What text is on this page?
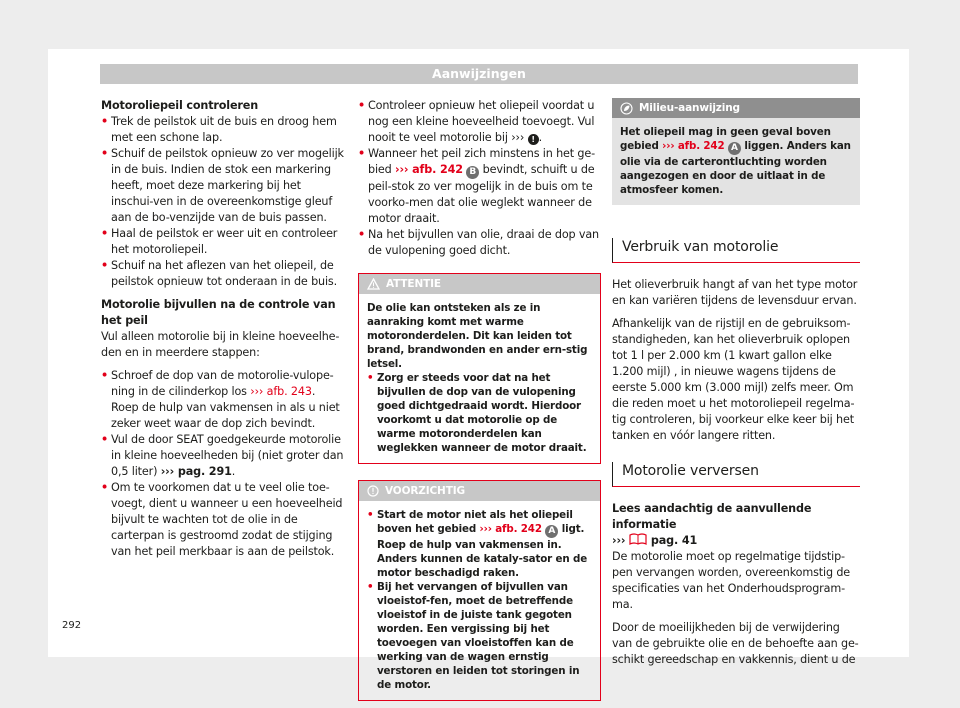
Aanwijzingen

Motoroliepeil controleren

• Trek de peilstok uit de buis en droog hem met een schone lap.
• Schuif de peilstok opnieuw zo ver mogelijk in de buis. Indien de stok een markering heeft, moet deze markering bij het inschui-ven in de overeenkomstige gleuf aan de bo-venzijde van de buis passen.
• Haal de peilstok er weer uit en controleer het motoroliepeil.
• Schuif na het aflezen van het oliepeil, de peilstok opnieuw tot onderaan in de buis.

Motorolie bijvullen na de controle van het peil

Vul alleen motorolie bij in kleine hoeveelhe-den en in meerdere stappen:

• Schroef de dop van de motorolie-vulope-ning in de cilinderkop los ››› afb. 243. Roep de hulp van vakmensen in als u niet zeker weet waar de dop zich bevindt.
• Vul de door SEAT goedgekeurde motorolie in kleine hoeveelheden bij (niet groter dan 0,5 liter) ››› pag. 291.
• Om te voorkomen dat u te veel olie toe-voegt, dient u wanneer u een hoeveelheid bijvult te wachten tot de olie in de carterpan is gestroomd zodat de stijging van het peil merkbaar is aan de peilstok.
• Controleer opnieuw het oliepeil voordat u nog een kleine hoeveelheid toevoegt. Vul nooit te veel motorolie bij ››› ! .
• Wanneer het peil zich minstens in het ge-bied ››› afb. 242 B bevindt, schuift u de peil-stok zo ver mogelijk in de buis om te voorko-men dat olie weglekt wanneer de motor draait.
• Na het bijvullen van olie, draai de dop van de vulopening goed dicht.
ATTENTIE

De olie kan ontsteken als ze in aanraking komt met warme motoronderdelen. Dit kan leiden tot brand, brandwonden en ander ern-stig letsel.

• Zorg er steeds voor dat na het bijvullen de dop van de vulopening goed dichtgedraaid wordt. Hierdoor voorkomt u dat motorolie op de warme motoronderdelen kan weglekken wanneer de motor draait.
VOORZICHTIG
• Start de motor niet als het oliepeil boven het gebied ››› afb. 242 A ligt. Roep de hulp van vakmensen in. Anders kunnen de kataly-sator en de motor beschadigd raken.
• Bij het vervangen of bijvullen van vloeistof-fen, moet de betreffende vloeistof in de juiste tank gegoten worden. Een vergissing bij het toevoegen van vloeistoffen kan de werking van de wagen ernstig verstoren en leiden tot storingen in de motor.
Milieu-aanwijzing
Het oliepeil mag in geen geval boven gebied ››› afb. 242 A liggen. Anders kan olie via de carterontluchting worden aangezogen en door de uitlaat in de atmosfeer komen.
Verbruik van motorolie

Het olieverbruik hangt af van het type motor en kan variëren tijdens de levensduur ervan.

Afhankelijk van de rijstijl en de gebruiksom-standigheden, kan het olieverbruik oplopen tot 1 l per 2.000 km (1 kwart gallon elke 1.200 mijl) , in nieuwe wagens tijdens de eerste 5.000 km (3.000 mijl) zelfs meer. Om die reden moet u het motoroliepeil regelma-tig controleren, bij voorkeur elke keer bij het tanken en vóór langere ritten.

Motorolie verversen

Lees aandachtig de aanvullende informatie

››› pag. 41

De motorolie moet op regelmatige tijdstip-pen vervangen worden, overeenkomstig de specificaties van het Onderhoudsprogram-ma.

Door de moeilijkheden bij de verwijdering van de gebruikte olie en de behoefte aan ge-schikt gereedschap en vakkennis, dient u de

292
